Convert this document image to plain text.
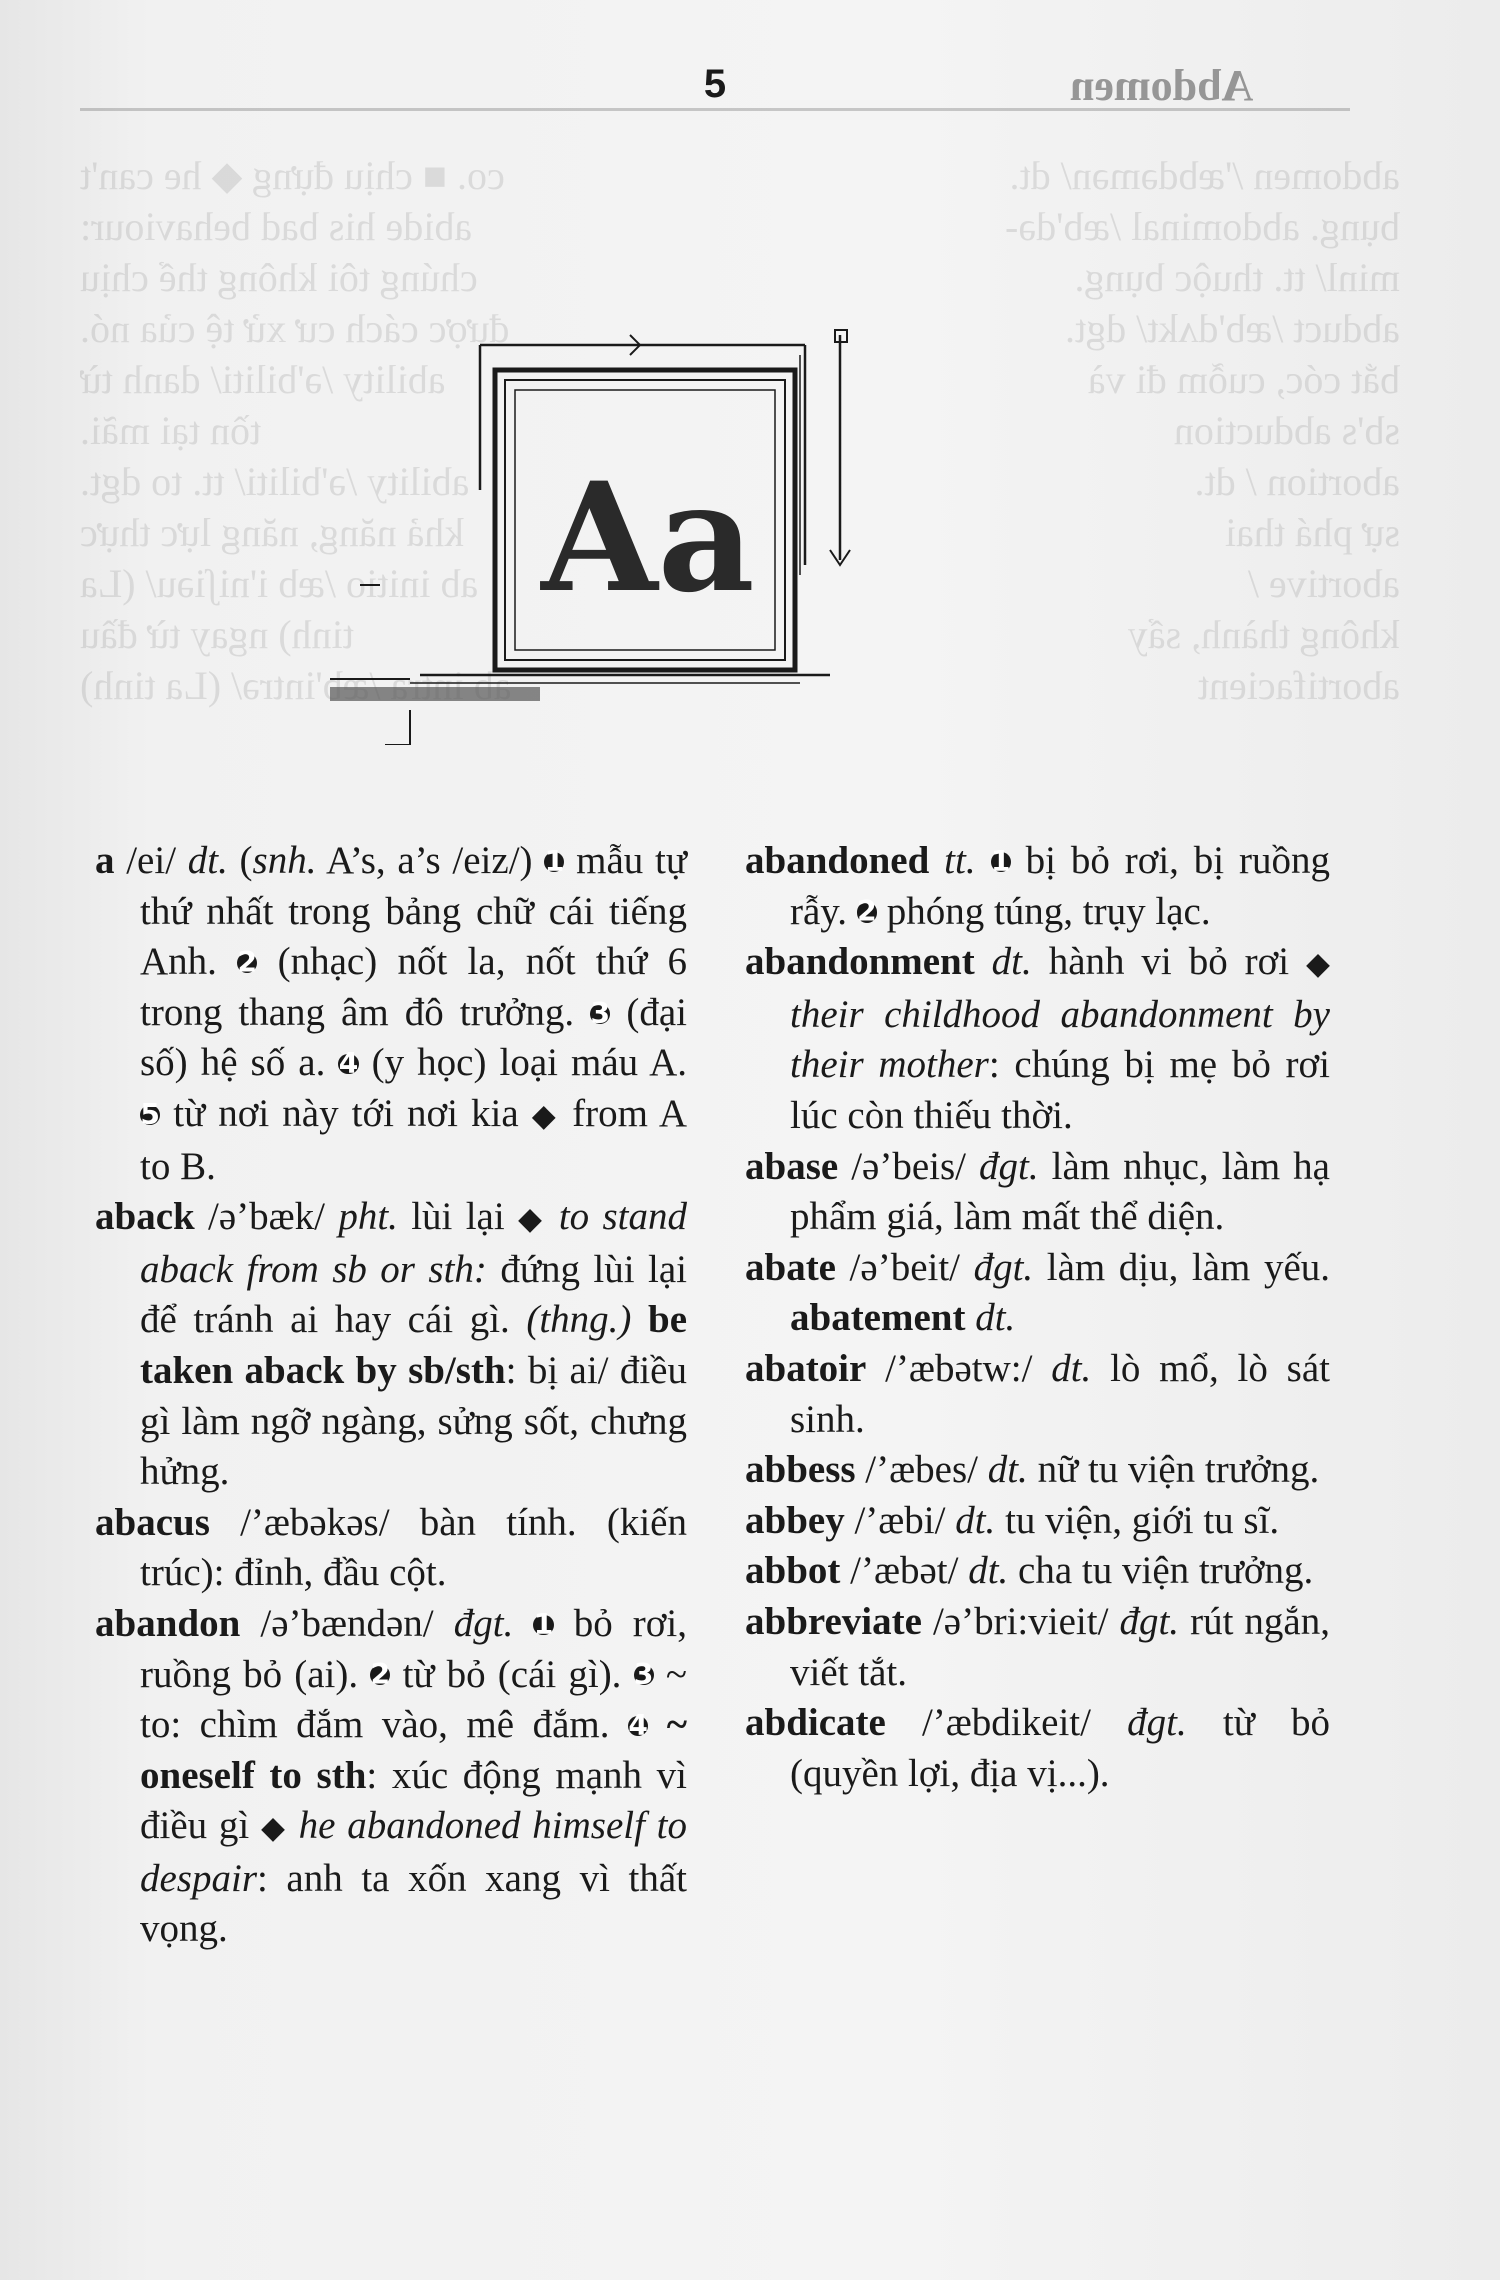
Abdomen
co. ■ chịu đựng ◆ he can't
abide his bad behaviour:
chúng tôi không thể chịu
được cách cư xử tệ của nó.
ability /ə'biliti/ danh từ
tồn tại mãi.
ability /ə'biliti/ tt. to dgt.
khả năng, năng lực thực
ab initio /æb i'niʃiəu/ (La
tinh) ngay từ đầu
ab intra /æb'intrə/ (La tinh)
abdomen /'æbdəmən/ dt.
bụng. abdominal /æb'də-
minl/ tt. thuộc bụng.
abduct /æb'dʌkt/ dgt.
bắt cóc, cuỗm đi và
sb's abduction
abortion / dt.
sự phá thai
abortive /
không thành, sẩy
abortifacient
5
Aa

a /ei/ dt. (snh. A’s, a’s /eiz/) 1 mẫu tự thứ nhất trong bảng chữ cái tiếng Anh. 2 (nhạc) nốt la, nốt thứ 6 trong thang âm đô trưởng. 3 (đại số) hệ số a. 4 (y học) loại máu A. 5 từ nơi này tới nơi kia ◆ from A to B.

aback /ə’bæk/ pht. lùi lại ◆ to stand aback from sb or sth: đứng lùi lại để tránh ai hay cái gì. (thng.) be taken aback by sb/sth: bị ai/ điều gì làm ngỡ ngàng, sửng sốt, chưng hửng.

abacus /’æbəkəs/ bàn tính. (kiến trúc): đỉnh, đầu cột.

abandon /ə’bændən/ đgt. 1 bỏ rơi, ruồng bỏ (ai). 2 từ bỏ (cái gì). 3 ~ to: chìm đắm vào, mê đắm. 4 ~ oneself to sth: xúc động mạnh vì điều gì ◆ he abandoned himself to despair: anh ta xốn xang vì thất vọng.

abandoned tt. 1 bị bỏ rơi, bị ruồng rẫy. 2 phóng túng, trụy lạc.

abandonment dt. hành vi bỏ rơi ◆ their childhood abandonment by their mother: chúng bị mẹ bỏ rơi lúc còn thiếu thời.

abase /ə’beis/ đgt. làm nhục, làm hạ phẩm giá, làm mất thể diện.

abate /ə’beit/ đgt. làm dịu, làm yếu. abatement dt.

abatoir /’æbətw:/ dt. lò mổ, lò sát sinh.

abbess /’æbes/ dt. nữ tu viện trưởng.

abbey /’æbi/ dt. tu viện, giới tu sĩ.

abbot /’æbət/ dt. cha tu viện trưởng.

abbreviate /ə’bri:vieit/ đgt. rút ngắn, viết tắt.

abdicate /’æbdikeit/ đgt. từ bỏ (quyền lợi, địa vị...).
